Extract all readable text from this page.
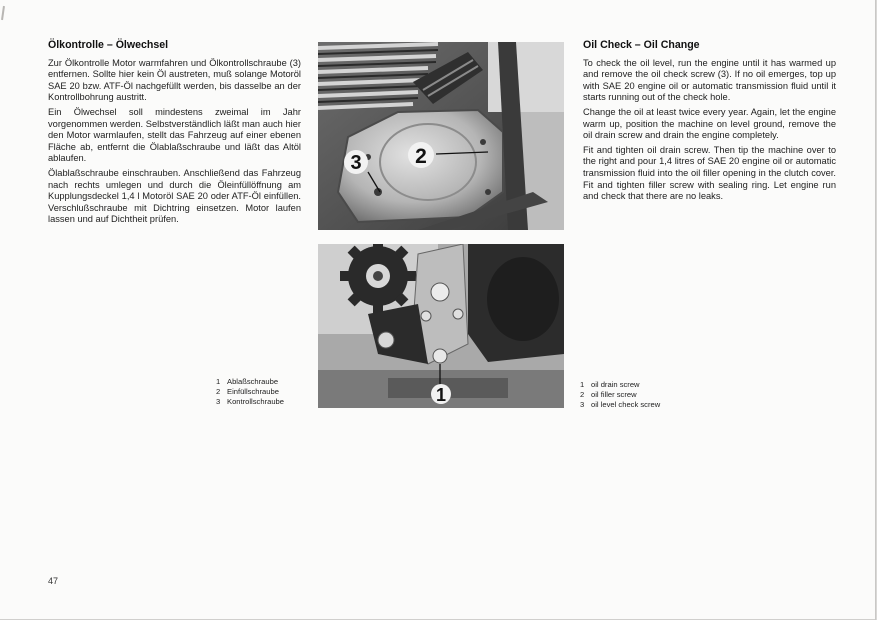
Ölkontrolle – Ölwechsel

Zur Ölkontrolle Motor warmfahren und Ölkontrollschraube (3) entfernen. Sollte hier kein Öl austreten, muß solange Motoröl SAE 20 bzw. ATF-Öl nachgefüllt werden, bis dasselbe an der Kontrollbohrung austritt.

Ein Ölwechsel soll mindestens zweimal im Jahr vorgenommen werden. Selbstverständlich läßt man auch hier den Motor warmlaufen, stellt das Fahrzeug auf einer ebenen Fläche ab, entfernt die Ölablaßschraube und läßt das Altöl ablaufen.

Ölablaßschraube einschrauben. Anschließend das Fahrzeug nach rechts umlegen und durch die Öleinfüllöffnung am Kupplungsdeckel 1,4 l Motoröl SAE 20 oder ATF-Öl einfüllen. Verschlußschraube mit Dichtring einsetzen. Motor laufen lassen und auf Dichtheit prüfen.

1 Ablaßschraube
2 Einfüllschraube
3 Kontrollschraube
3	2
1
Oil Check – Oil Change

To check the oil level, run the engine until it has warmed up and remove the oil check screw (3). If no oil emerges, top up with SAE 20 engine oil or automatic transmission fluid until it starts running out of the check hole.

Change the oil at least twice every year. Again, let the engine warm up, position the machine on level ground, remove the oil drain screw and drain the engine completely.

Fit and tighten oil drain screw. Then tip the machine over to the right and pour 1,4 litres of SAE 20 engine oil or automatic transmission fluid into the oil filler opening in the clutch cover. Fit and tighten filler screw with sealing ring. Let engine run and check that there are no leaks.

1 oil drain screw
2 oil filler screw
3 oil level check screw
47
